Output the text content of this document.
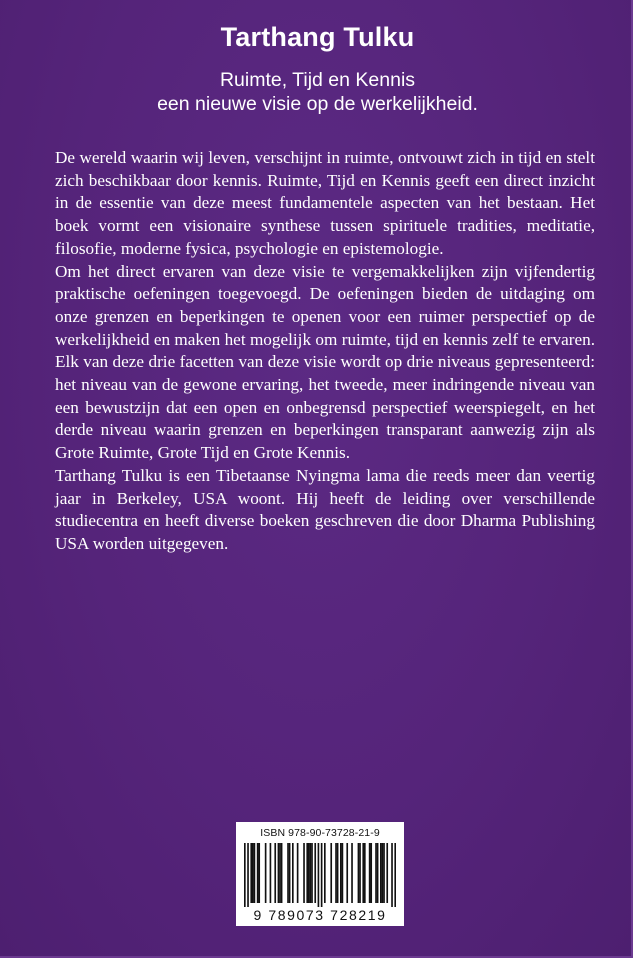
Tarthang Tulku
Ruimte, Tijd en Kennis
een nieuwe visie op de werkelijkheid.

De wereld waarin wij leven, verschijnt in ruimte, ontvouwt zich in tijd en stelt zich beschikbaar door kennis. Ruimte, Tijd en Kennis geeft een direct inzicht in de essentie van deze meest fundamentele aspecten van het bestaan. Het boek vormt een visionaire synthese tussen spirituele tradities, meditatie, filosofie, moderne fysica, psychologie en epistemologie.

Om het direct ervaren van deze visie te vergemakkelijken zijn vijfendertig praktische oefeningen toegevoegd. De oefeningen bieden de uitdaging om onze grenzen en beperkingen te openen voor een ruimer perspectief op de werkelijkheid en maken het mogelijk om ruimte, tijd en kennis zelf te ervaren. Elk van deze drie facetten van deze visie wordt op drie niveaus gepresenteerd: het niveau van de gewone ervaring, het tweede, meer indringende niveau van een bewustzijn dat een open en onbegrensd perspectief weerspiegelt, en het derde niveau waarin grenzen en beperkingen transparant aanwezig zijn als Grote Ruimte, Grote Tijd en Grote Kennis.

Tarthang Tulku is een Tibetaanse Nyingma lama die reeds meer dan veertig jaar in Berkeley, USA woont. Hij heeft de leiding over verschillende studiecentra en heeft diverse boeken geschreven die door Dharma Publishing USA worden uitgegeven.

ISBN 978-90-73728-21-9
9 789073 728219
